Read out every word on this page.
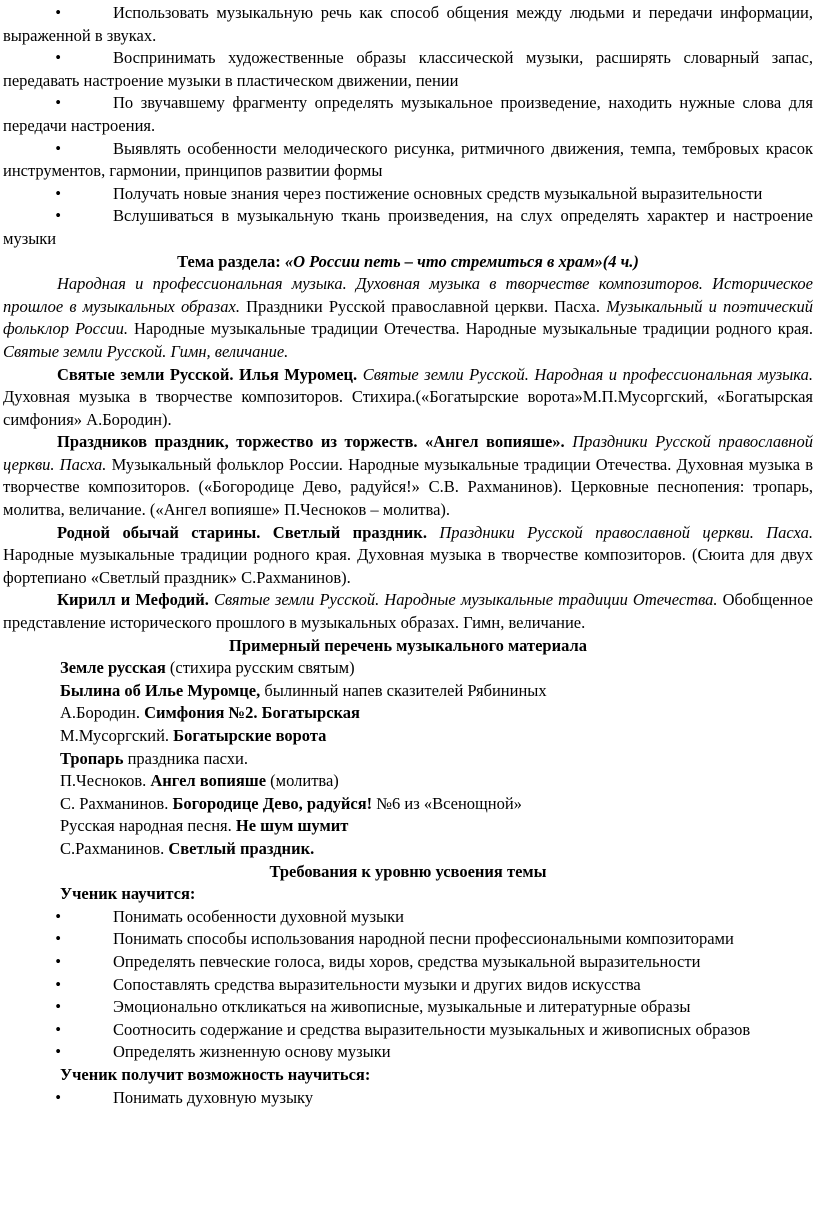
•	Использовать музыкальную речь как способ общения между людьми и передачи информации, выраженной в звуках.
•	Воспринимать художественные образы классической музыки, расширять словарный запас, передавать настроение музыки в пластическом движении, пении
•	По звучавшему фрагменту определять музыкальное произведение, находить нужные слова для передачи настроения.
•	Выявлять особенности мелодического рисунка, ритмичного движения, темпа, тембровых красок инструментов, гармонии, принципов развитии формы
•	Получать новые знания через постижение основных средств музыкальной выразительности
•	Вслушиваться в музыкальную ткань произведения, на слух определять характер и настроение музыки
Тема раздела: «О России петь – что стремиться в храм»(4 ч.)
Народная и профессиональная музыка. Духовная музыка в творчестве композиторов. Историческое прошлое в музыкальных образах. Праздники Русской православной церкви. Пасха. Музыкальный и поэтический фольклор России. Народные музыкальные традиции Отечества. Народные музыкальные традиции родного края. Святые земли Русской. Гимн, величание.
Святые земли Русской. Илья Муромец. Святые земли Русской. Народная и профессиональная музыка. Духовная музыка в творчестве композиторов. Стихира.(«Богатырские ворота»М.П.Мусоргский, «Богатырская симфония» А.Бородин).
Праздников праздник, торжество из торжеств. «Ангел вопияше». Праздники Русской православной церкви. Пасха. Музыкальный фольклор России. Народные музыкальные традиции Отечества. Духовная музыка в творчестве композиторов. («Богородице Дево, радуйся!» С.В. Рахманинов). Церковные песнопения: тропарь, молитва, величание. («Ангел вопияше» П.Чесноков – молитва).
Родной обычай старины. Светлый праздник. Праздники Русской православной церкви. Пасха. Народные музыкальные традиции родного края. Духовная музыка в творчестве композиторов. (Сюита для двух фортепиано «Светлый праздник» С.Рахманинов).
Кирилл и Мефодий. Святые земли Русской. Народные музыкальные традиции Отечества. Обобщенное представление исторического прошлого в музыкальных образах. Гимн, величание.
Примерный перечень музыкального материала
Земле русская (стихира русским святым)
Былина об Илье Муромце, былинный напев сказителей Рябининых
А.Бородин. Симфония №2. Богатырская
М.Мусоргский. Богатырские ворота
Тропарь праздника пасхи.
П.Чесноков. Ангел вопияше (молитва)
С. Рахманинов. Богородице Дево, радуйся! №6 из «Всенощной»
Русская народная песня. Не шум шумит
С.Рахманинов. Светлый праздник.
Требования к уровню усвоения темы
Ученик научится:
•	Понимать особенности духовной музыки
•	Понимать способы использования народной песни профессиональными композиторами
•	Определять певческие голоса, виды хоров, средства музыкальной выразительности
•	Сопоставлять средства выразительности музыки и других видов искусства
•	Эмоционально откликаться на живописные, музыкальные и литературные образы
•	Соотносить содержание и средства выразительности музыкальных и живописных образов
•	Определять жизненную основу музыки
Ученик получит возможность научиться:
•	Понимать духовную музыку
